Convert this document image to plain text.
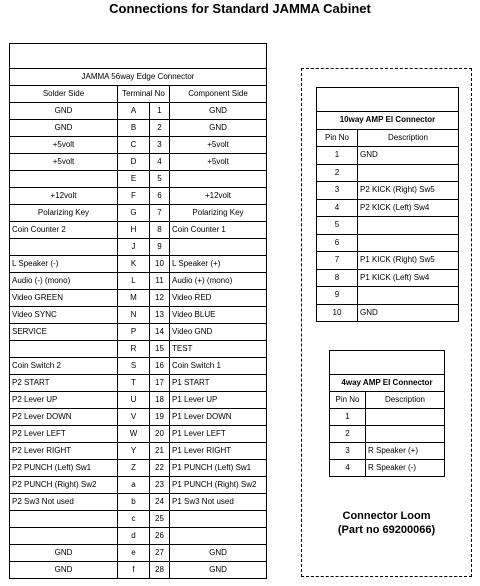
Connections for Standard JAMMA Cabinet

JAMMA 56way Edge Connector			
Solder Side	Terminal No		Component Side
GND	A	1	GND
GND	B	2	GND
+5volt	C	3	+5volt
+5volt	D	4	+5volt
	E	5	
+12volt	F	6	+12volt
Polarizing Key	G	7	Polarizing Key
Coin Counter 2	H	8	Coin Counter 1
	J	9	
L Speaker (-)	K	10	L Speaker (+)
Audio (-) (mono)	L	11	Audio (+) (mono)
Video GREEN	M	12	Video RED
Video SYNC	N	13	Video BLUE
SERVICE	P	14	Video GND
	R	15	TEST
Coin Switch 2	S	16	Coin Switch 1
P2 START	T	17	P1 START
P2 Lever UP	U	18	P1 Lever UP
P2 Lever DOWN	V	19	P1 Lever DOWN
P2 Lever LEFT	W	20	P1 Lever LEFT
P2 Lever RIGHT	Y	21	P1 Lever RIGHT
P2 PUNCH (Left) Sw1	Z	22	P1 PUNCH (Left) Sw1
P2 PUNCH (Right) Sw2	a	23	P1 PUNCH (Right) Sw2
P2 Sw3 Not used	b	24	P1 Sw3 Not used
	c	25	
	d	26	
GND	e	27	GND
GND	f	28	GND

10way AMP EI Connector	
Pin No	Description
1	GND
2	
3	P2 KICK (Right) Sw5
4	P2 KICK (Left) Sw4
5	
6	
7	P1 KICK (Right) Sw5
8	P1 KICK (Left) Sw4
9	
10	GND

4way AMP EI Connector	
Pin No	Description
1	
2	
3	R Speaker (+)
4	R Speaker (-)
Connector Loom
(Part no 69200066)
